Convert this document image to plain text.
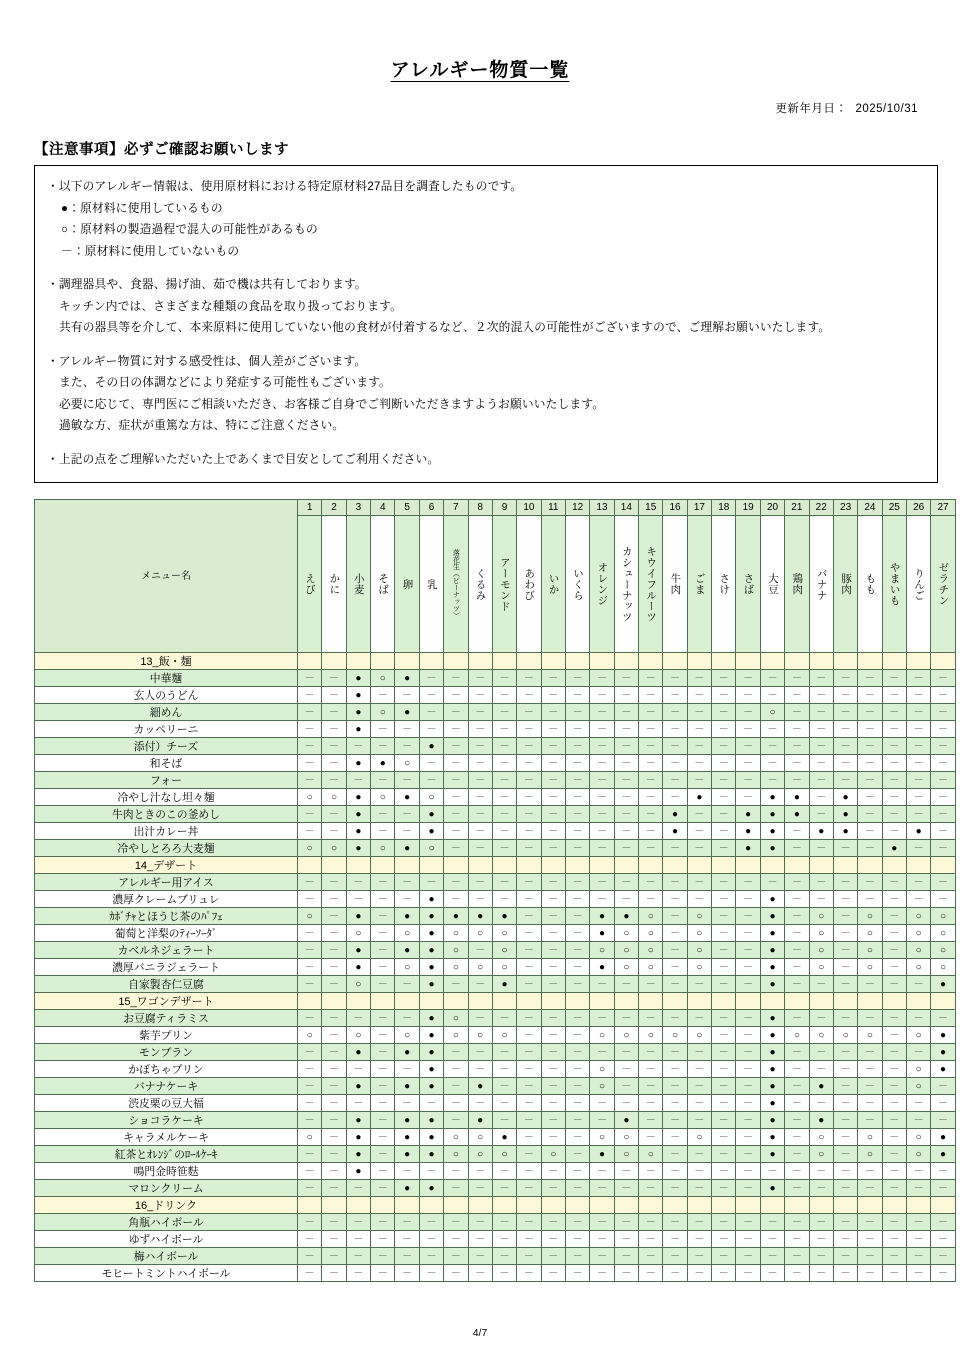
アレルギー物質一覧
更新年月日： 2025/10/31
【注意事項】必ずご確認お願いします
・以下のアレルギー情報は、使用原材料における特定原材料27品目を調査したものです。
●：原材料に使用しているもの
○：原材料の製造過程で混入の可能性があるもの
－：原材料に使用していないもの

・調理器具や、食器、揚げ油、茹で機は共有しております。
キッチン内では、さまざまな種類の食品を取り扱っております。
共有の器具等を介して、本来原料に使用していない他の食材が付着するなど、２次的混入の可能性がございますので、ご理解お願いいたします。

・アレルギー物質に対する感受性は、個人差がございます。
また、その日の体調などにより発症する可能性もございます。
必要に応じて、専門医にご相談いただき、お客様ご自身でご判断いただきますようお願いいたします。
過敏な方、症状が重篤な方は、特にご注意ください。

・上記の点をご理解いただいた上であくまで目安としてご利用ください。
メニュー名	1	2	3	4	5	6	7	8	9	10	11	12	13	14	15	16	17	18	19	20	21	22	23	24	25	26	27

えび	かに	小麦	そば	卵	乳	落花生（ピーナッツ）	くるみ	アーモンド	あわび	いか	いくら	オレンジ	カシューナッツ	キウイフルーツ	牛肉	ごま	さけ	さば	大豆	鶏肉	バナナ	豚肉	もも	やまいも	りんご	ゼラチン

13_飯・麺																											
中華麺	－	－	●	○	●	－	－	－	－	－	－	－	－	－	－	－	－	－	－	－	－	－	－	－	－	－	－
玄人のうどん	－	－	●	－	－	－	－	－	－	－	－	－	－	－	－	－	－	－	－	－	－	－	－	－	－	－	－
細めん	－	－	●	○	●	－	－	－	－	－	－	－	－	－	－	－	－	－	－	○	－	－	－	－	－	－	－
カッペリーニ	－	－	●	－	－	－	－	－	－	－	－	－	－	－	－	－	－	－	－	－	－	－	－	－	－	－	－
添付）チーズ	－	－	－	－	－	●	－	－	－	－	－	－	－	－	－	－	－	－	－	－	－	－	－	－	－	－	－
和そば	－	－	●	●	○	－	－	－	－	－	－	－	－	－	－	－	－	－	－	－	－	－	－	－	－	－	－
フォー	－	－	－	－	－	－	－	－	－	－	－	－	－	－	－	－	－	－	－	－	－	－	－	－	－	－	－
冷やし汁なし坦々麺	○	○	●	○	●	○	－	－	－	－	－	－	－	－	－	－	●	－	－	●	●	－	●	－	－	－	－
牛肉ときのこの釜めし	－	－	●	－	－	●	－	－	－	－	－	－	－	－	－	●	－	－	●	●	●	－	●	－	－	－	－
出汁カレー丼	－	－	●	－	－	●	－	－	－	－	－	－	－	－	－	●	－	－	●	●	－	●	●	－	－	●	－
冷やしとろろ大麦麺	○	○	●	○	●	○	－	－	－	－	－	－	－	－	－	－	－	－	●	●	－	－	－	－	●	－	－
14_デザート																											
アレルギー用アイス	－	－	－	－	－	－	－	－	－	－	－	－	－	－	－	－	－	－	－	－	－	－	－	－	－	－	－
濃厚クレームブリュレ	－	－	－	－	－	●	－	－	－	－	－	－	－	－	－	－	－	－	－	●	－	－	－	－	－	－	－
ｶﾎﾞﾁｬとほうじ茶のﾊﾟﾌｪ	○	－	●	－	●	●	●	●	●	－	－	－	●	●	○	－	○	－	－	●	－	○	－	○	－	○	○
葡萄と洋梨のﾃｨｰｿｰﾀﾞ	－	－	○	－	○	●	○	○	○	－	－	－	●	○	○	－	○	－	－	●	－	○	－	○	－	○	○
カベルネジェラート	－	－	●	－	●	●	○	－	○	－	－	－	○	○	○	－	○	－	－	●	－	○	－	○	－	○	○
濃厚バニラジェラート	－	－	●	－	○	●	○	○	○	－	－	－	●	○	○	－	○	－	－	●	－	○	－	○	－	○	○
自家製杏仁豆腐	－	－	○	－	－	●	－	－	●	－	－	－	－	－	－	－	－	－	－	●	－	－	－	－	－	－	●
15_ワゴンデザート																											
お豆腐ティラミス	－	－	－	－	－	●	○	－	－	－	－	－	－	－	－	－	－	－	－	●	－	－	－	－	－	－	－
紫芋プリン	○	－	○	－	○	●	○	○	○	－	－	－	○	○	○	○	○	－	－	●	○	○	○	○	－	○	●
モンブラン	－	－	●	－	●	●	－	－	－	－	－	－	－	－	－	－	－	－	－	●	－	－	－	－	－	－	●
かぼちゃプリン	－	－	－	－	－	●	－	－	－	－	－	－	○	－	－	－	－	－	－	●	－	－	－	－	－	○	●
バナナケーキ	－	－	●	－	●	●	－	●	－	－	－	－	○	－	－	－	－	－	－	●	－	●	－	－	－	○	－
渋皮栗の豆大福	－	－	－	－	－	－	－	－	－	－	－	－	－	－	－	－	－	－	－	●	－	－	－	－	－	－	－
ショコラケーキ	－	－	●	－	●	●	－	●	－	－	－	－	－	●	－	－	－	－	－	●	－	●	－	－	－	－	－
キャラメルケーキ	○	－	●	－	●	●	○	○	●	－	－	－	○	○	－	－	○	－	－	●	－	○	－	○	－	○	●
紅茶とｵﾚﾝｼﾞのﾛｰﾙｹｰｷ	－	－	●	－	●	●	○	○	○	－	○	－	●	○	○	－	－	－	－	●	－	○	－	○	－	○	●
鳴門金時笹麩	－	－	●	－	－	－	－	－	－	－	－	－	－	－	－	－	－	－	－	－	－	－	－	－	－	－	－
マロンクリーム	－	－	－	－	●	●	－	－	－	－	－	－	－	－	－	－	－	－	－	●	－	－	－	－	－	－	－
16_ドリンク																											
角瓶ハイボール	－	－	－	－	－	－	－	－	－	－	－	－	－	－	－	－	－	－	－	－	－	－	－	－	－	－	－
ゆずハイボール	－	－	－	－	－	－	－	－	－	－	－	－	－	－	－	－	－	－	－	－	－	－	－	－	－	－	－
梅ハイボール	－	－	－	－	－	－	－	－	－	－	－	－	－	－	－	－	－	－	－	－	－	－	－	－	－	－	－
モヒートミントハイボール	－	－	－	－	－	－	－	－	－	－	－	－	－	－	－	－	－	－	－	－	－	－	－	－	－	－	－
4/7
